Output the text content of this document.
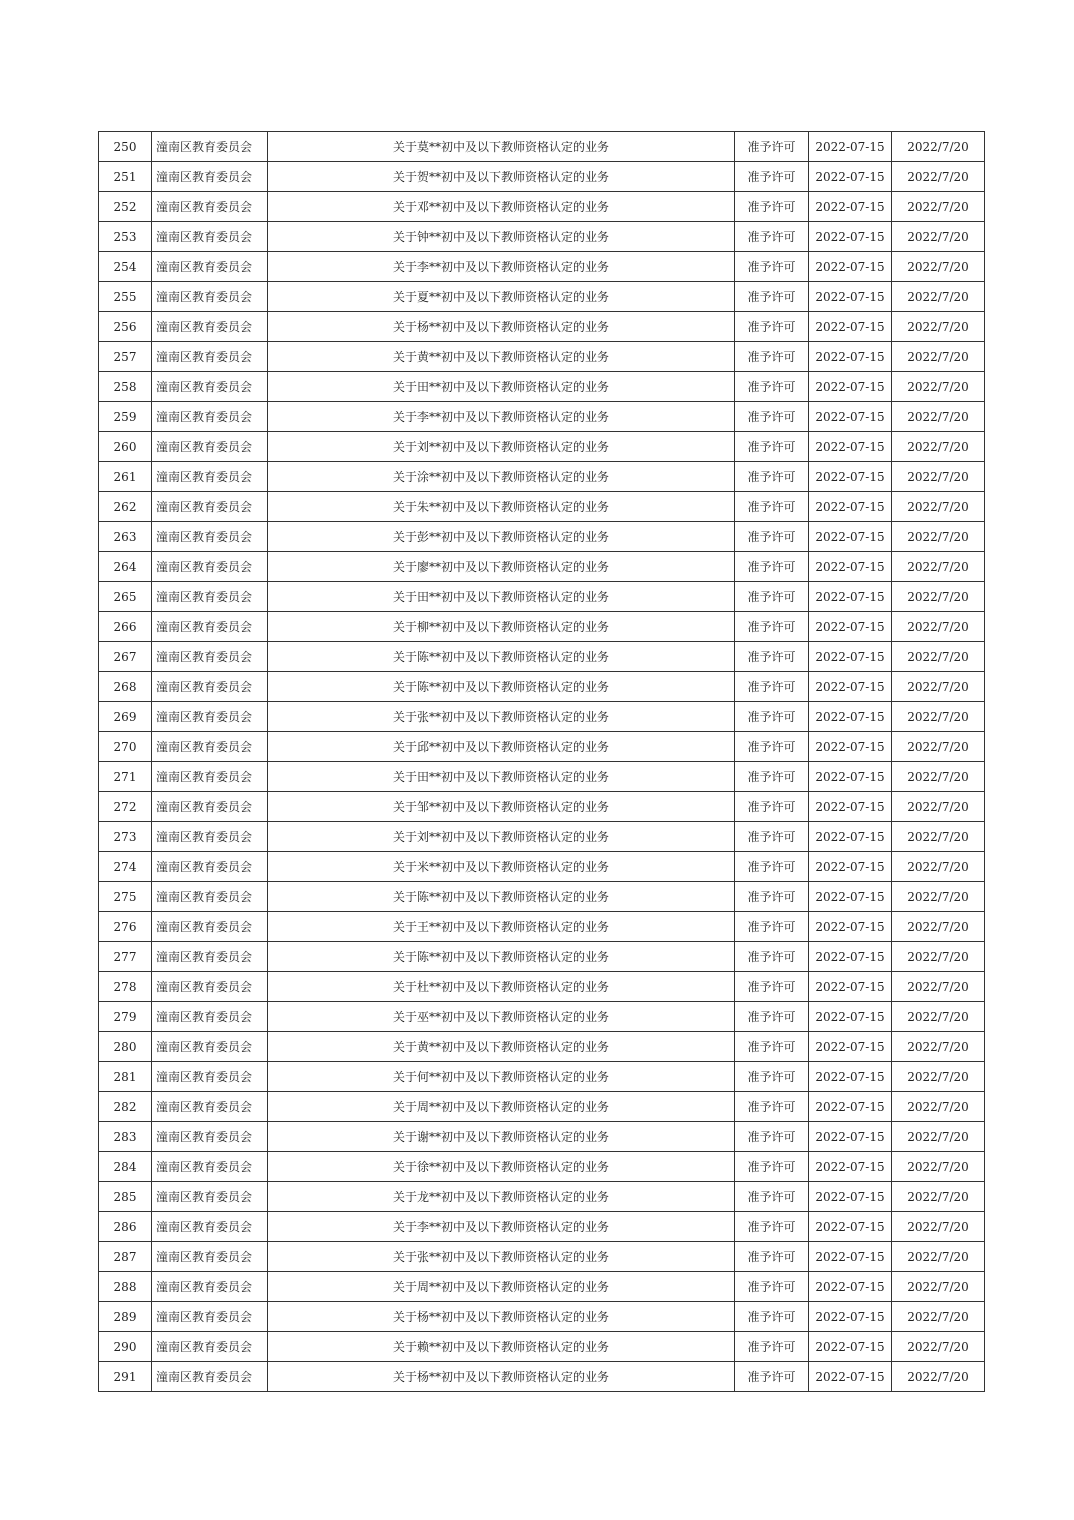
250	潼南区教育委员会	关于莫**初中及以下教师资格认定的业务	准予许可	2022-07-15	2022/7/20
251	潼南区教育委员会	关于贺**初中及以下教师资格认定的业务	准予许可	2022-07-15	2022/7/20
252	潼南区教育委员会	关于邓**初中及以下教师资格认定的业务	准予许可	2022-07-15	2022/7/20
253	潼南区教育委员会	关于钟**初中及以下教师资格认定的业务	准予许可	2022-07-15	2022/7/20
254	潼南区教育委员会	关于李**初中及以下教师资格认定的业务	准予许可	2022-07-15	2022/7/20
255	潼南区教育委员会	关于夏**初中及以下教师资格认定的业务	准予许可	2022-07-15	2022/7/20
256	潼南区教育委员会	关于杨**初中及以下教师资格认定的业务	准予许可	2022-07-15	2022/7/20
257	潼南区教育委员会	关于黄**初中及以下教师资格认定的业务	准予许可	2022-07-15	2022/7/20
258	潼南区教育委员会	关于田**初中及以下教师资格认定的业务	准予许可	2022-07-15	2022/7/20
259	潼南区教育委员会	关于李**初中及以下教师资格认定的业务	准予许可	2022-07-15	2022/7/20
260	潼南区教育委员会	关于刘**初中及以下教师资格认定的业务	准予许可	2022-07-15	2022/7/20
261	潼南区教育委员会	关于涂**初中及以下教师资格认定的业务	准予许可	2022-07-15	2022/7/20
262	潼南区教育委员会	关于朱**初中及以下教师资格认定的业务	准予许可	2022-07-15	2022/7/20
263	潼南区教育委员会	关于彭**初中及以下教师资格认定的业务	准予许可	2022-07-15	2022/7/20
264	潼南区教育委员会	关于廖**初中及以下教师资格认定的业务	准予许可	2022-07-15	2022/7/20
265	潼南区教育委员会	关于田**初中及以下教师资格认定的业务	准予许可	2022-07-15	2022/7/20
266	潼南区教育委员会	关于柳**初中及以下教师资格认定的业务	准予许可	2022-07-15	2022/7/20
267	潼南区教育委员会	关于陈**初中及以下教师资格认定的业务	准予许可	2022-07-15	2022/7/20
268	潼南区教育委员会	关于陈**初中及以下教师资格认定的业务	准予许可	2022-07-15	2022/7/20
269	潼南区教育委员会	关于张**初中及以下教师资格认定的业务	准予许可	2022-07-15	2022/7/20
270	潼南区教育委员会	关于邱**初中及以下教师资格认定的业务	准予许可	2022-07-15	2022/7/20
271	潼南区教育委员会	关于田**初中及以下教师资格认定的业务	准予许可	2022-07-15	2022/7/20
272	潼南区教育委员会	关于邹**初中及以下教师资格认定的业务	准予许可	2022-07-15	2022/7/20
273	潼南区教育委员会	关于刘**初中及以下教师资格认定的业务	准予许可	2022-07-15	2022/7/20
274	潼南区教育委员会	关于米**初中及以下教师资格认定的业务	准予许可	2022-07-15	2022/7/20
275	潼南区教育委员会	关于陈**初中及以下教师资格认定的业务	准予许可	2022-07-15	2022/7/20
276	潼南区教育委员会	关于王**初中及以下教师资格认定的业务	准予许可	2022-07-15	2022/7/20
277	潼南区教育委员会	关于陈**初中及以下教师资格认定的业务	准予许可	2022-07-15	2022/7/20
278	潼南区教育委员会	关于杜**初中及以下教师资格认定的业务	准予许可	2022-07-15	2022/7/20
279	潼南区教育委员会	关于巫**初中及以下教师资格认定的业务	准予许可	2022-07-15	2022/7/20
280	潼南区教育委员会	关于黄**初中及以下教师资格认定的业务	准予许可	2022-07-15	2022/7/20
281	潼南区教育委员会	关于何**初中及以下教师资格认定的业务	准予许可	2022-07-15	2022/7/20
282	潼南区教育委员会	关于周**初中及以下教师资格认定的业务	准予许可	2022-07-15	2022/7/20
283	潼南区教育委员会	关于谢**初中及以下教师资格认定的业务	准予许可	2022-07-15	2022/7/20
284	潼南区教育委员会	关于徐**初中及以下教师资格认定的业务	准予许可	2022-07-15	2022/7/20
285	潼南区教育委员会	关于龙**初中及以下教师资格认定的业务	准予许可	2022-07-15	2022/7/20
286	潼南区教育委员会	关于李**初中及以下教师资格认定的业务	准予许可	2022-07-15	2022/7/20
287	潼南区教育委员会	关于张**初中及以下教师资格认定的业务	准予许可	2022-07-15	2022/7/20
288	潼南区教育委员会	关于周**初中及以下教师资格认定的业务	准予许可	2022-07-15	2022/7/20
289	潼南区教育委员会	关于杨**初中及以下教师资格认定的业务	准予许可	2022-07-15	2022/7/20
290	潼南区教育委员会	关于赖**初中及以下教师资格认定的业务	准予许可	2022-07-15	2022/7/20
291	潼南区教育委员会	关于杨**初中及以下教师资格认定的业务	准予许可	2022-07-15	2022/7/20
